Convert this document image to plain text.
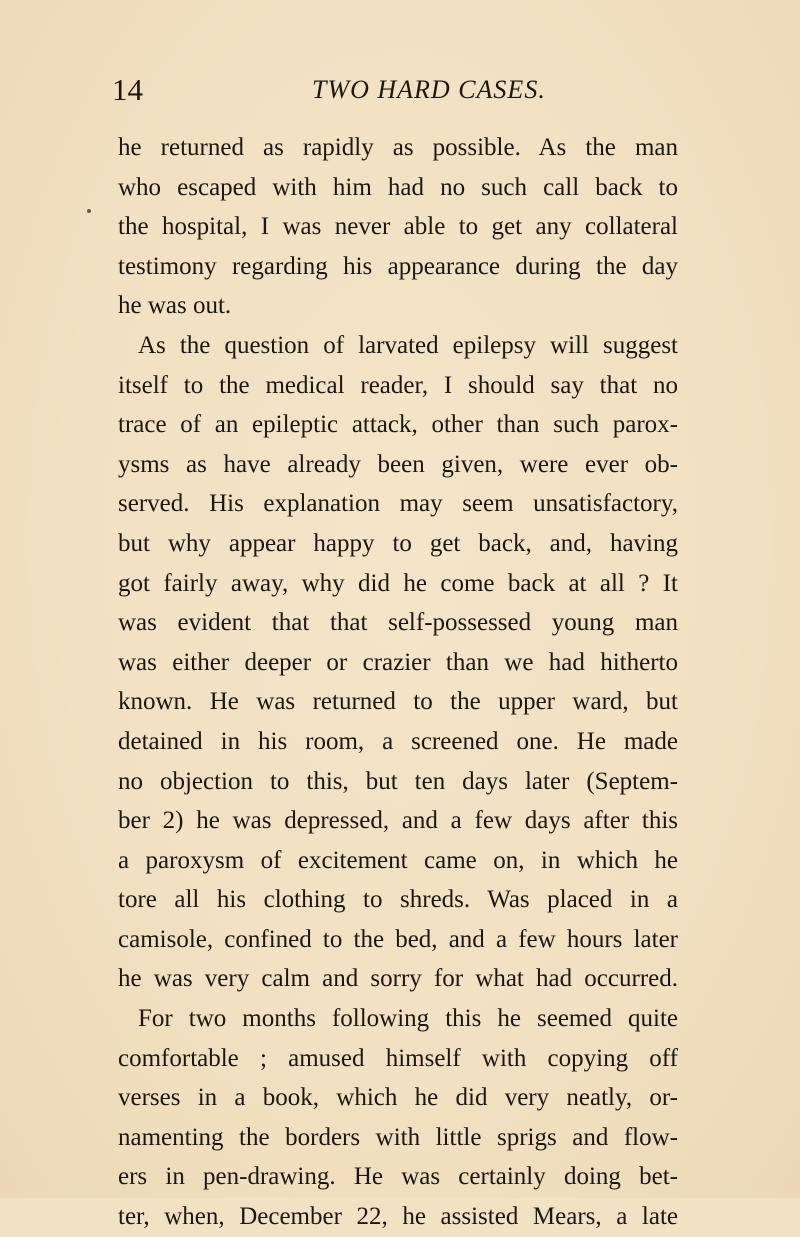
14	TWO HARD CASES.
he returned as rapidly as possible. As the man
who escaped with him had no such call back to
the hospital, I was never able to get any collateral
testimony regarding his appearance during the day
he was out.
As the question of larvated epilepsy will suggest
itself to the medical reader, I should say that no
trace of an epileptic attack, other than such parox-
ysms as have already been given, were ever ob-
served. His explanation may seem unsatisfactory,
but why appear happy to get back, and, having
got fairly away, why did he come back at all ? It
was evident that that self-possessed young man
was either deeper or crazier than we had hitherto
known. He was returned to the upper ward, but
detained in his room, a screened one. He made
no objection to this, but ten days later (Septem-
ber 2) he was depressed, and a few days after this
a paroxysm of excitement came on, in which he
tore all his clothing to shreds. Was placed in a
camisole, confined to the bed, and a few hours later
he was very calm and sorry for what had occurred.
For two months following this he seemed quite
comfortable ; amused himself with copying off
verses in a book, which he did very neatly, or-
namenting the borders with little sprigs and flow-
ers in pen-drawing. He was certainly doing bet-
ter, when, December 22, he assisted Mears, a late
